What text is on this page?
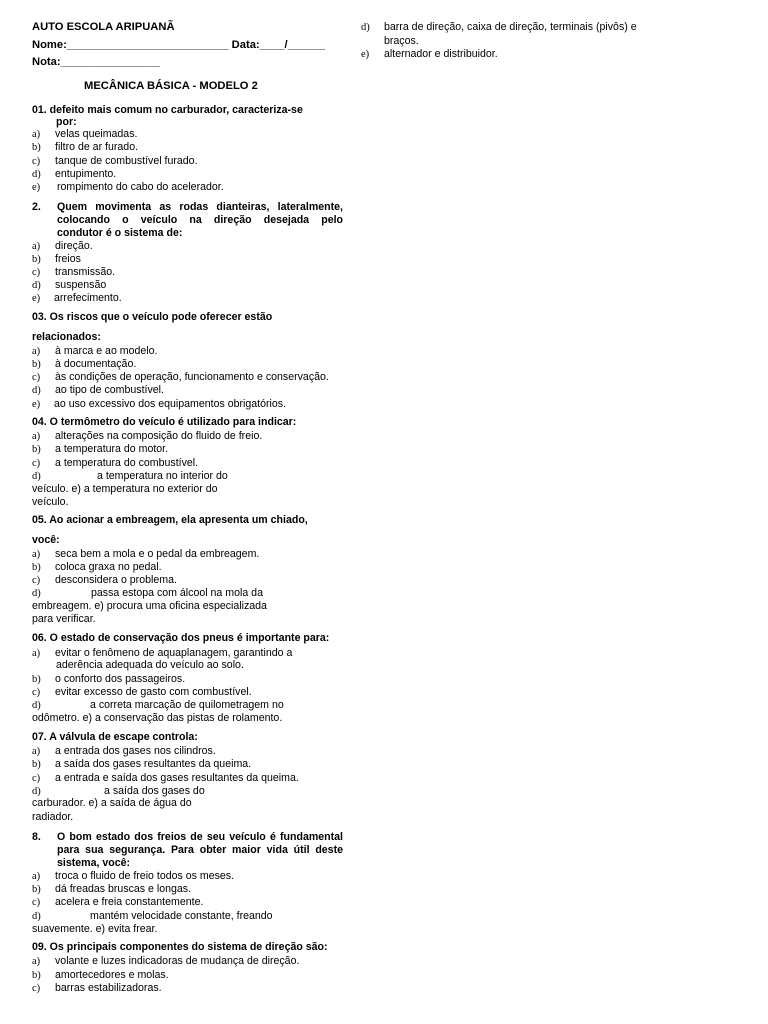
AUTO ESCOLA ARIPUANÃ
Nome:__________________________ Data:____/______
Nota:________________
MECÂNICA BÁSICA - MODELO 2
01. defeito mais comum no carburador, caracteriza-se
por:
a) velas queimadas.
b) filtro de ar furado.
c) tanque de combustível furado.
d) entupimento.
e) rompimento do cabo do acelerador.
2. Quem movimenta as rodas dianteiras, lateralmente,
colocando o veículo na direção desejada pelo
condutor é o sistema de:
a) direção.
b) freios
c) transmissão.
d) suspensão
e) arrefecimento.
03. Os riscos que o veículo pode oferecer estão
relacionados:
a) à marca e ao modelo.
b) à documentação.
c) às condições de operação, funcionamento e conservação.
d) ao tipo de combustível.
e) ao uso excessivo dos equipamentos obrigatórios.
04. O termômetro do veículo é utilizado para indicar:
a) alterações na composição do fluido de freio.
b) a temperatura do motor.
c) a temperatura do combustível.
d)	a temperatura no interior do
veículo. e) a temperatura no exterior do
veículo.
05. Ao acionar a embreagem, ela apresenta um chiado,
você:
a) seca bem a mola e o pedal da embreagem.
b) coloca graxa no pedal.
c) desconsidera o problema.
d)	passa estopa com álcool na mola da
embreagem. e) procura uma oficina especializada
para verificar.
06. O estado de conservação dos pneus é importante para:
a) evitar o fenômeno de aquaplanagem, garantindo a
aderência adequada do veículo ao solo.
b) o conforto dos passageiros.
c) evitar excesso de gasto com combustível.
d)	a correta marcação de quilometragem no
odômetro. e) a conservação das pistas de rolamento.
07. A válvula de escape controla:
a) a entrada dos gases nos cilindros.
b) a saída dos gases resultantes da queima.
c) a entrada e saída dos gases resultantes da queima.
d)	a saída dos gases do
carburador. e) a saída de água do
radiador.
8. O bom estado dos freios de seu veículo é fundamental
para sua segurança. Para obter maior vida útil deste
sistema, você:
a) troca o fluido de freio todos os meses.
b) dá freadas bruscas e longas.
c) acelera e freia constantemente.
d)	mantém velocidade constante, freando
suavemente. e) evita frear.
09. Os principais componentes do sistema de direção são:
a) volante e luzes indicadoras de mudança de direção.
b) amortecedores e molas.
c) barras estabilizadoras.
d) barra de direção, caixa de direção, terminais (pivôs) e
braços.
e) alternador e distribuidor.
